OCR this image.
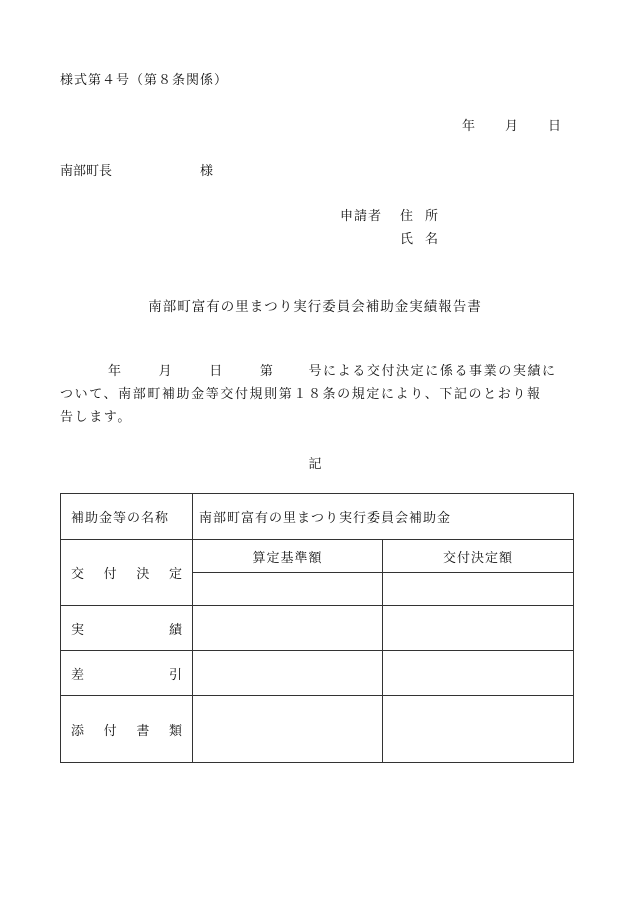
様式第４号（第８条関係）
年 月 日
南部町長	様
申請者 住所
氏名
南部町富有の里まつり実行委員会補助金実績報告書
年	月	日	第	号による交付決定に係る事業の実績に
ついて、南部町補助金等交付規則第１８条の規定により、下記のとおり報
告します。
記
補助金等の名称	南部町富有の里まつり実行委員会補助金	

交 付 決 定	算定基準額	交付決定額

実 績		

差 引		

添 付 書 類		
